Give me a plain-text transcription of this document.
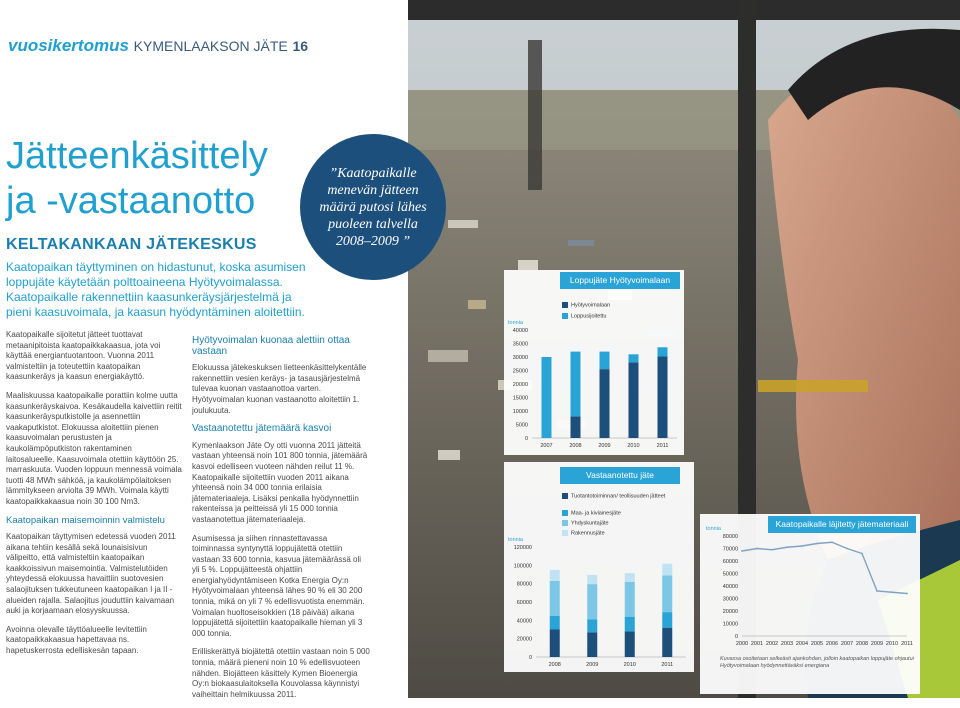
vuosikertomus KYMENLAAKSON JÄTE 16
Jätteenkäsittely
ja -vastaanotto
KELTAKANKAAN JÄTEKESKUS
Kaatopaikan täyttyminen on hidastunut, koska asumisen loppujäte käytetään polttoaineena Hyötyvoimalassa. Kaatopaikalle rakennettiin kaasunkeräysjärjestelmä ja pieni kaasuvoimala, ja kaasun hyödyntäminen aloitettiin.

Kaatopaikalle sijoitetut jätteet tuottavat metaanipitoista kaatopaikkakaasua, jota voi käyttää energiantuotantoon. Vuonna 2011 valmisteltiin ja toteutettiin kaatopaikan kaasunkeräys ja kaasun energiakäyttö.

Maaliskuussa kaatopaikalle porattiin kolme uutta kaasunkeräyskaivoa. Kesäkaudella kaivettiin reitit kaasunkeräysputkistolle ja asennettiin vaakaputkistot. Elokuussa aloitettiin pienen kaasuvoimalan perustusten ja kaukolämpöputkiston rakentaminen laitosalueelle. Kaasuvoimala otettiin käyttöön 25. marraskuuta. Vuoden loppuun mennessä voimala tuotti 48 MWh sähköä, ja kaukolämpölaitoksen lämmitykseen arviolta 39 MWh. Voimala käytti kaatopaikkakaasua noin 30 100 Nm3.

Kaatopaikan maisemoinnin valmistelu

Kaatopaikan täyttymisen edetessä vuoden 2011 aikana tehtiin kesällä sekä lounaisisivun välipeitto, että valmisteltiin kaatopaikan kaakkoissivun maisemointia. Valmistelutöiden yhteydessä elokuussa havaittiin suotovesien salaojituksen tukkeutuneen kaatopaikan I ja II -alueiden rajalla. Salaojitus jouduttiin kaivamaan auki ja korjaamaan elosyyskuussa.

Avoinna olevalle täyttöalueelle levitettiin kaatopaikkakaasua hapettavaa ns. hapetuskerrosta edelliskesän tapaan.

Hyötyvoimalan kuonaa alettiin ottaa vastaan

Elokuussa jätekeskuksen lietteenkäsittelykentälle rakennettiin vesien keräys- ja tasausjärjestelmä tulevaa kuonan vastaanottoa varten. Hyötyvoimalan kuonan vastaanotto aloitettiin 1. joulukuuta.

Vastaanotettu jätemäärä kasvoi

Kymenlaakson Jäte Oy otti vuonna 2011 jätteitä vastaan yhteensä noin 101 800 tonnia, jätemäärä kasvoi edelliseen vuoteen nähden reilut 11 %. Kaatopaikalle sijoitettiin vuoden 2011 aikana yhteensä noin 34 000 tonnia erilaisia jätemateriaaleja. Lisäksi penkalla hyödynnettiin rakenteissa ja peitteissä yli 15 000 tonnia vastaanotettua jätemateriaaleja.

Asumisessa ja siihen rinnastettavassa toiminnassa syntynyttä loppujätettä otettiin vastaan 33 600 tonnia, kasvua jätemäärässä oli yli 5 %. Loppujätteestä ohjattiin energiahyödyntämiseen Kotka Energia Oy:n Hyötyvoimalaan yhteensä lähes 90 % eli 30 200 tonnia, mikä on yli 7 % edellisvuotista enemmän. Voimalan huoltoseisokkien (18 päivää) aikana loppujätettä sijoitettiin kaatopaikalle hieman yli 3 000 tonnia.

Erilliskerättyä biojätettä otettiin vastaan noin 5 000 tonnia, määrä pieneni noin 10 % edellisvuoteen nähden. Biojätteen käsittely Kymen Bioenergia Oy:n biokaasulaitoksella Kouvolassa käynnistyi vaiheittain helmikuussa 2011.

”Kaatopaikalle menevän jätteen määrä putosi lähes puoleen talvella 2008–2009 ”
Loppujäte Hyötyvoimalaan
Hyötyvoimalaan
Loppusijoitettu
tonnia
0
5000
10000
15000
20000
25000
30000
35000
40000
2007	2008	2009	2010	2011
Vastaanotettu jäte
Tuotantotoiminnan/ teollisuuden jätteet
Maa- ja kiviainesjäte
Yhdyskuntajäte
Rakennusjäte
tonnia
0
20000
40000
60000
80000
100000
120000
2008	2009	2010	2011
Kaatopaikalle läjitetty jätemateriaali
tonnia
0
10000
20000
30000
40000
50000
60000
70000
80000
2000 2001 2002 2003 2004 2005 2006 2007 2008 2009 2010 2011
Kuvassa osoitetaan selkeästi ajankohdan, jolloin kaatopaikan loppujäte ohjautui Hyötyvoimalaan hyödynnettäväksi energiana
